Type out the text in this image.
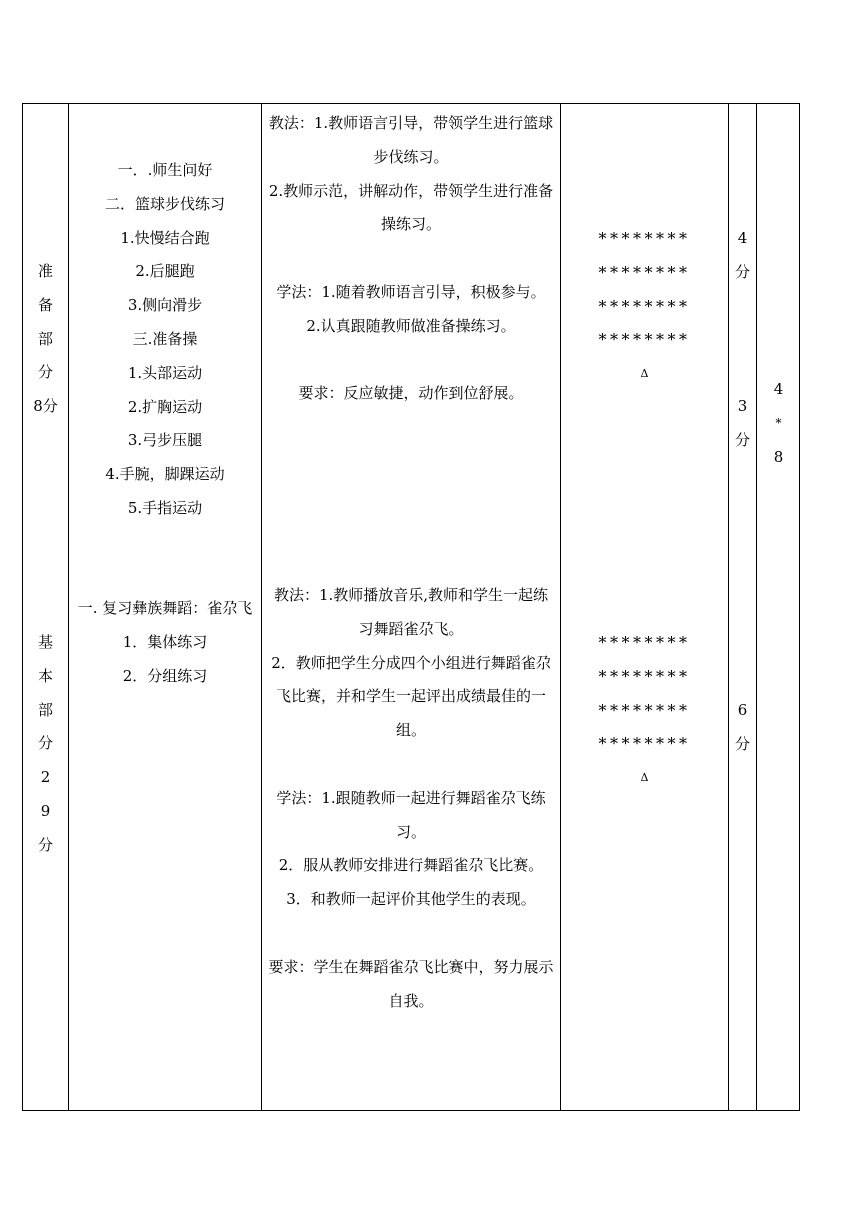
准
备
部
分
8分
一．.师生问好
二．篮球步伐练习
1.快慢结合跑
2.后腿跑
3.侧向滑步
三.准备操
1.头部运动
2.扩胸运动
3.弓步压腿
4.手腕，脚踝运动
5.手指运动

教法：1.教师语言引导，带领学生进行篮球步伐练习。

2.教师示范，讲解动作，带领学生进行准备操练习。

学法：1.随着教师语言引导，积极参与。

2.认真跟随教师做准备操练习。

要求：反应敏捷，动作到位舒展。

********
********
********
********
Δ
4
分
3
分
4
*
8
基
本
部
分
2
9
分

一. 复习彝族舞蹈：雀尕飞

1．集体练习

2．分组练习

教法：1.教师播放音乐,教师和学生一起练习舞蹈雀尕飞。

2．教师把学生分成四个小组进行舞蹈雀尕飞比赛，并和学生一起评出成绩最佳的一组。

学法：1.跟随教师一起进行舞蹈雀尕飞练习。

2．服从教师安排进行舞蹈雀尕飞比赛。

3．和教师一起评价其他学生的表现。

要求：学生在舞蹈雀尕飞比赛中，努力展示自我。

********
********
********
********
Δ
6
分
